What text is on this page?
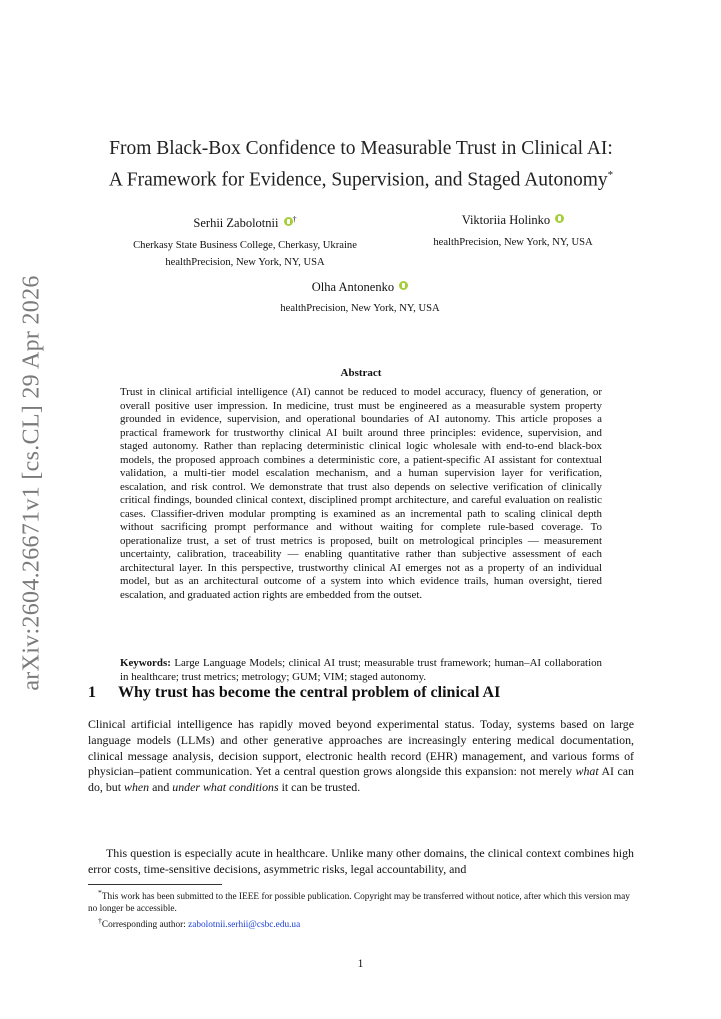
arXiv:2604.26671v1 [cs.CL] 29 Apr 2026
From Black-Box Confidence to Measurable Trust in Clinical AI:
A Framework for Evidence, Supervision, and Staged Autonomy*
Serhii Zabolotnii †
Cherkasy State Business College, Cherkasy, Ukraine
healthPrecision, New York, NY, USA
Viktoriia Holinko
healthPrecision, New York, NY, USA
Olha Antonenko
healthPrecision, New York, NY, USA
Abstract
Trust in clinical artificial intelligence (AI) cannot be reduced to model accuracy, fluency of generation, or overall positive user impression. In medicine, trust must be engineered as a measurable system property grounded in evidence, supervision, and operational boundaries of AI autonomy. This article proposes a practical framework for trustworthy clinical AI built around three principles: evidence, supervision, and staged autonomy. Rather than replacing deterministic clinical logic wholesale with end-to-end black-box models, the proposed approach combines a deterministic core, a patient-specific AI assistant for contextual validation, a multi-tier model escalation mechanism, and a human supervision layer for verification, escalation, and risk control. We demonstrate that trust also depends on selective verification of clinically critical findings, bounded clinical context, disciplined prompt architecture, and careful evaluation on realistic cases. Classifier-driven modular prompting is examined as an incremental path to scaling clinical depth without sacrificing prompt performance and without waiting for complete rule-based coverage. To operationalize trust, a set of trust metrics is proposed, built on metrological principles — measurement uncertainty, calibration, traceability — enabling quantitative rather than subjective assessment of each architectural layer. In this perspective, trustworthy clinical AI emerges not as a property of an individual model, but as an architectural outcome of a system into which evidence trails, human oversight, tiered escalation, and graduated action rights are embedded from the outset.
Keywords: Large Language Models; clinical AI trust; measurable trust framework; human–AI collaboration in healthcare; trust metrics; metrology; GUM; VIM; staged autonomy.
1 Why trust has become the central problem of clinical AI
Clinical artificial intelligence has rapidly moved beyond experimental status. Today, systems based on large language models (LLMs) and other generative approaches are increasingly entering medical documentation, clinical message analysis, decision support, electronic health record (EHR) management, and various forms of physician–patient communication. Yet a central question grows alongside this expansion: not merely what AI can do, but when and under what conditions it can be trusted.
This question is especially acute in healthcare. Unlike many other domains, the clinical context combines high error costs, time-sensitive decisions, asymmetric risks, legal accountability, and
*This work has been submitted to the IEEE for possible publication. Copyright may be transferred without notice, after which this version may no longer be accessible.
†Corresponding author: zabolotnii.serhii@csbc.edu.ua
1
